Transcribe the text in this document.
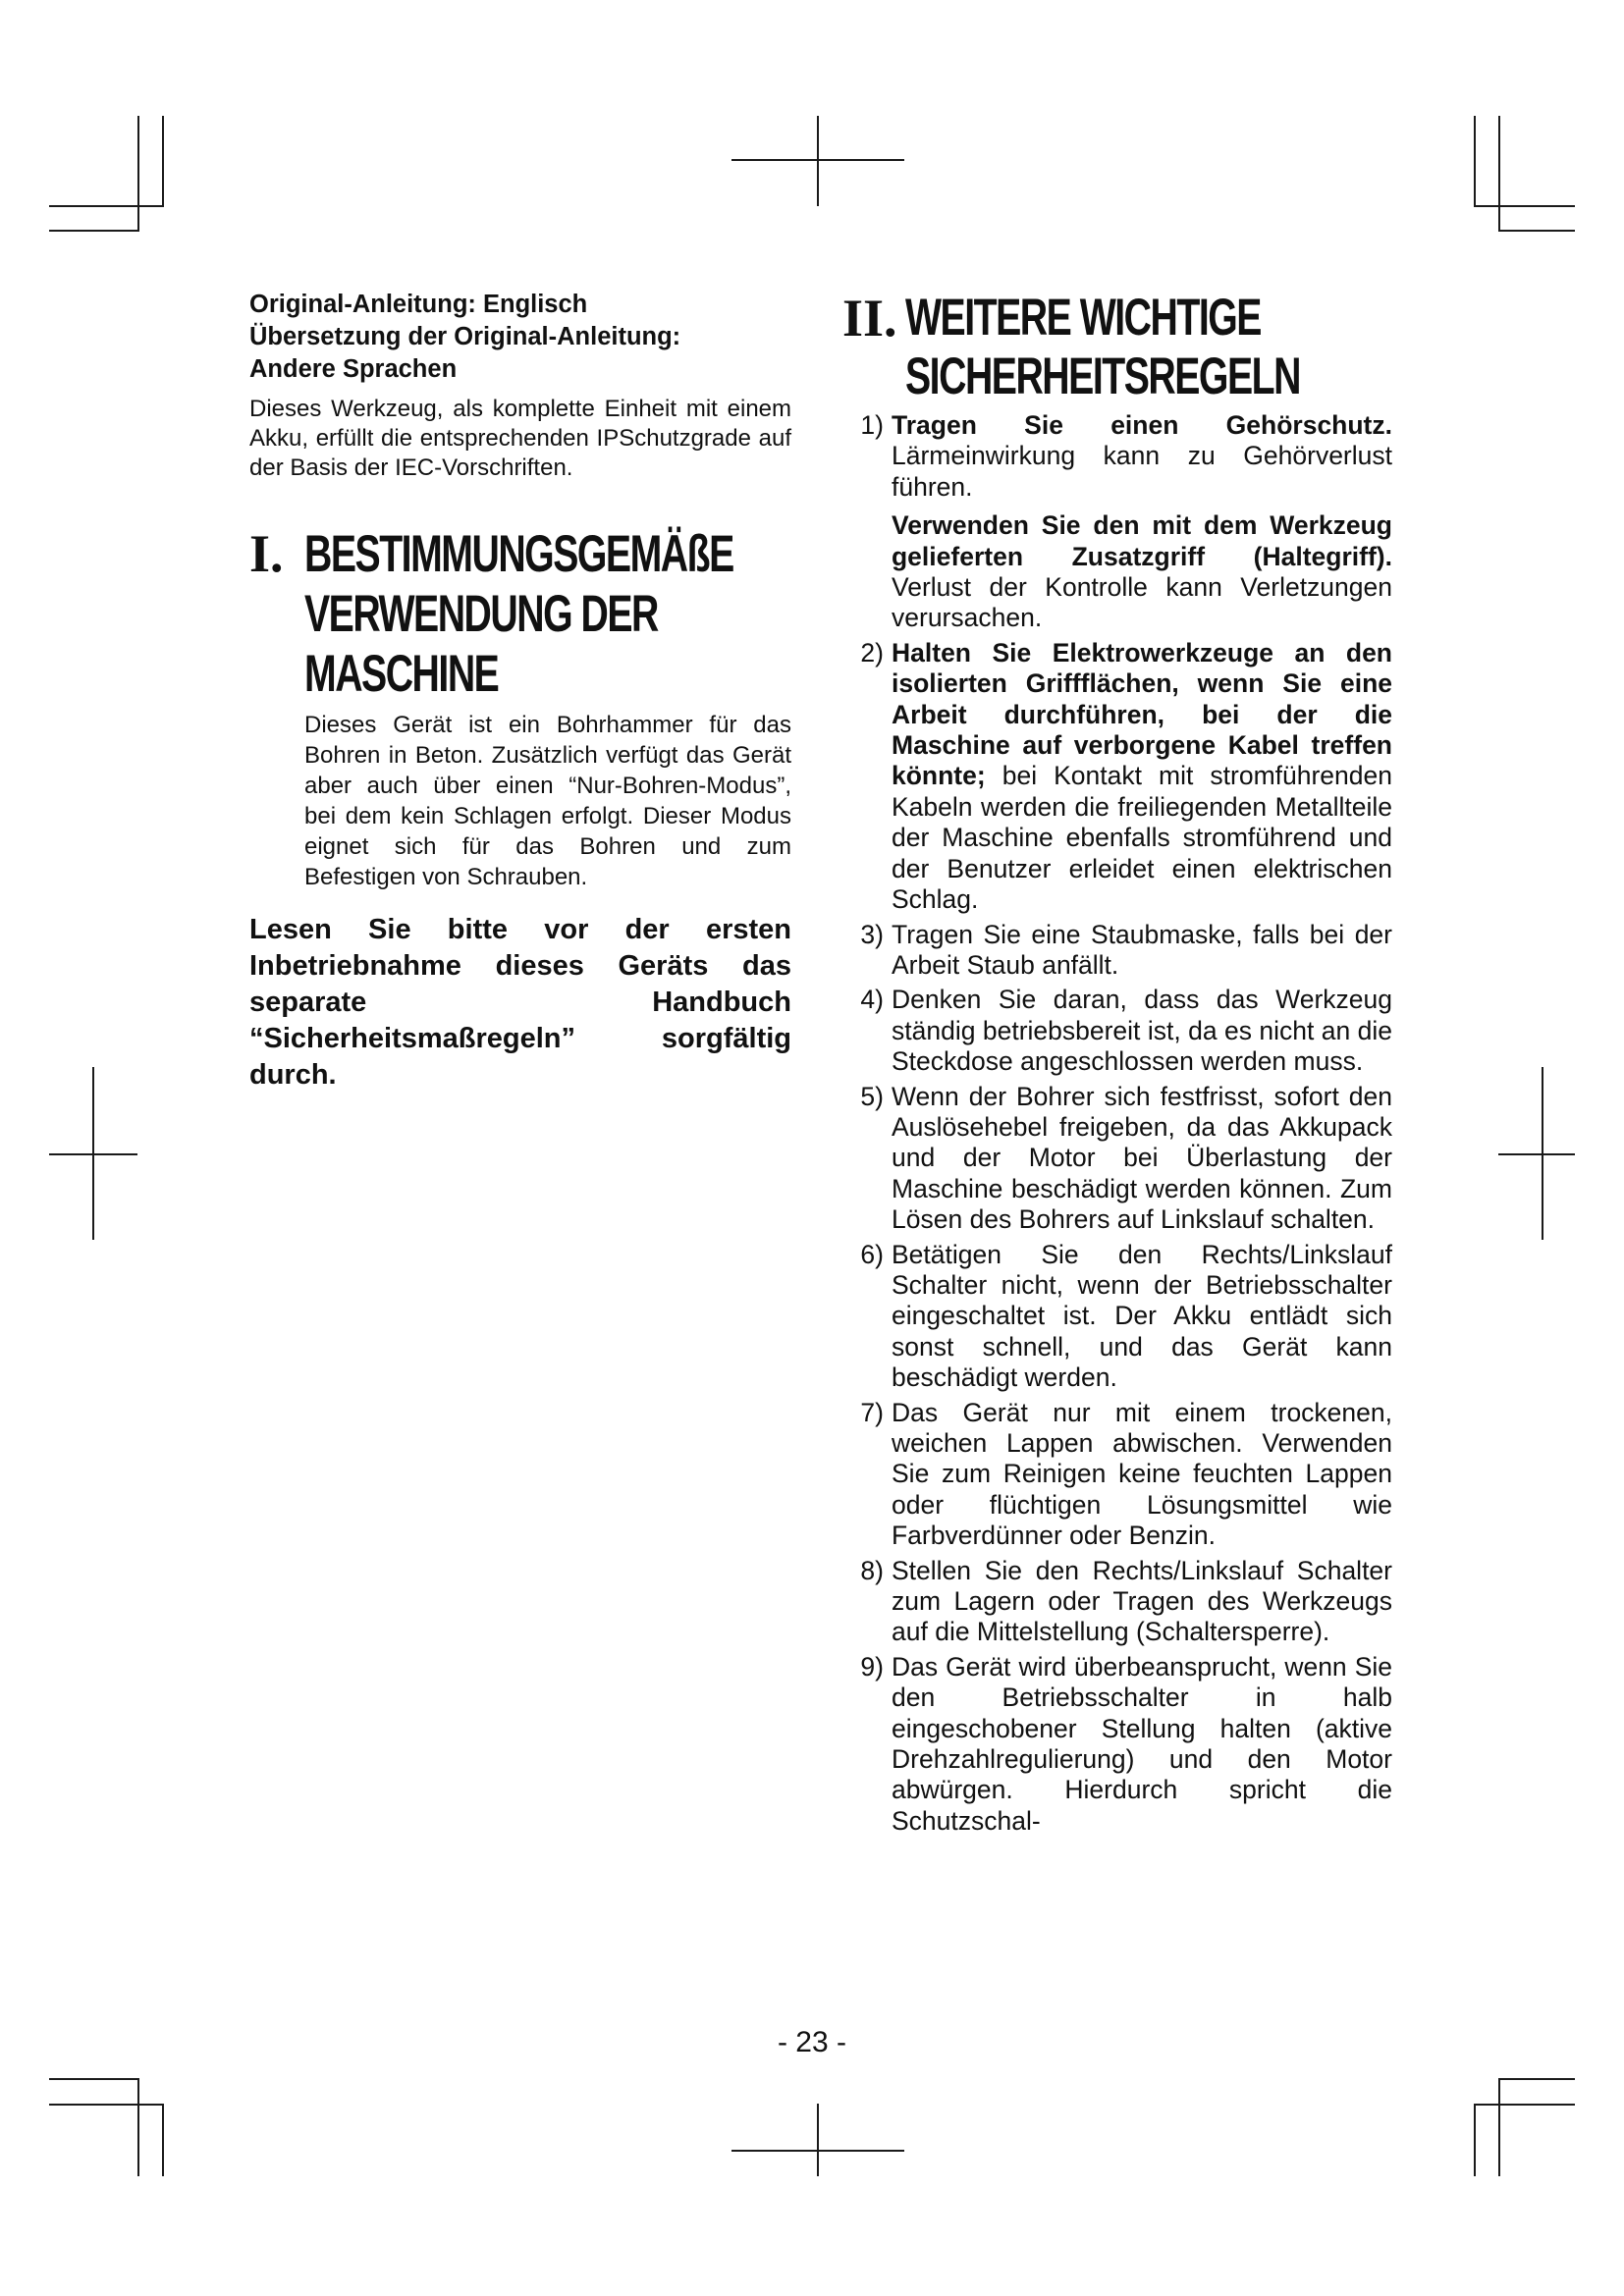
Original-Anleitung: Englisch

Übersetzung der Original-Anleitung:

Andere Sprachen

Dieses Werkzeug, als komplette Einheit mit einem Akku, erfüllt die entsprechenden IPSchutzgrade auf der Basis der IEC-Vorschriften.

I. BESTIMMUNGSGEMÄßE
VERWENDUNG DER
MASCHINE

Dieses Gerät ist ein Bohrhammer für das Bohren in Beton. Zusätzlich verfügt das Gerät aber auch über einen “Nur-Bohren-Modus”, bei dem kein Schlagen erfolgt. Dieser Modus eignet sich für das Bohren und zum Befestigen von Schrauben.

Lesen Sie bitte vor der ersten Inbetriebnahme dieses Geräts das separate Handbuch “Sicherheitsmaßregeln” sorgfältig durch.

II. WEITERE WICHTIGE
SICHERHEITSREGELN
1) Tragen Sie einen Gehörschutz. Lärmeinwirkung kann zu Gehörverlust führen.

Verwenden Sie den mit dem Werkzeug gelieferten Zusatzgriff (Haltegriff). Verlust der Kontrolle kann Verletzungen verursachen.

2) Halten Sie Elektrowerkzeuge an den isolierten Griffflächen, wenn Sie eine Arbeit durchführen, bei der die Maschine auf verborgene Kabel treffen könnte; bei Kontakt mit stromführenden Kabeln werden die freiliegenden Metallteile der Maschine ebenfalls stromführend und der Benutzer erleidet einen elektrischen Schlag.

3) Tragen Sie eine Staubmaske, falls bei der Arbeit Staub anfällt.

4) Denken Sie daran, dass das Werkzeug ständig betriebsbereit ist, da es nicht an die Steckdose angeschlossen werden muss.

5) Wenn der Bohrer sich festfrisst, sofort den Auslösehebel freigeben, da das Akkupack und der Motor bei Überlastung der Maschine beschädigt werden können. Zum Lösen des Bohrers auf Linkslauf schalten.

6) Betätigen Sie den Rechts/Linkslauf Schalter nicht, wenn der Betriebsschalter eingeschaltet ist. Der Akku entlädt sich sonst schnell, und das Gerät kann beschädigt werden.

7) Das Gerät nur mit einem trockenen, weichen Lappen abwischen. Verwenden Sie zum Reinigen keine feuchten Lappen oder flüchtigen Lösungsmittel wie Farbverdünner oder Benzin.

8) Stellen Sie den Rechts/Linkslauf Schalter zum Lagern oder Tragen des Werkzeugs auf die Mittelstellung (Schaltersperre).

9) Das Gerät wird überbeansprucht, wenn Sie den Betriebsschalter in halb eingeschobener Stellung halten (aktive Drehzahlregulierung) und den Motor abwürgen. Hierdurch spricht die Schutzschal-

- 23 -
